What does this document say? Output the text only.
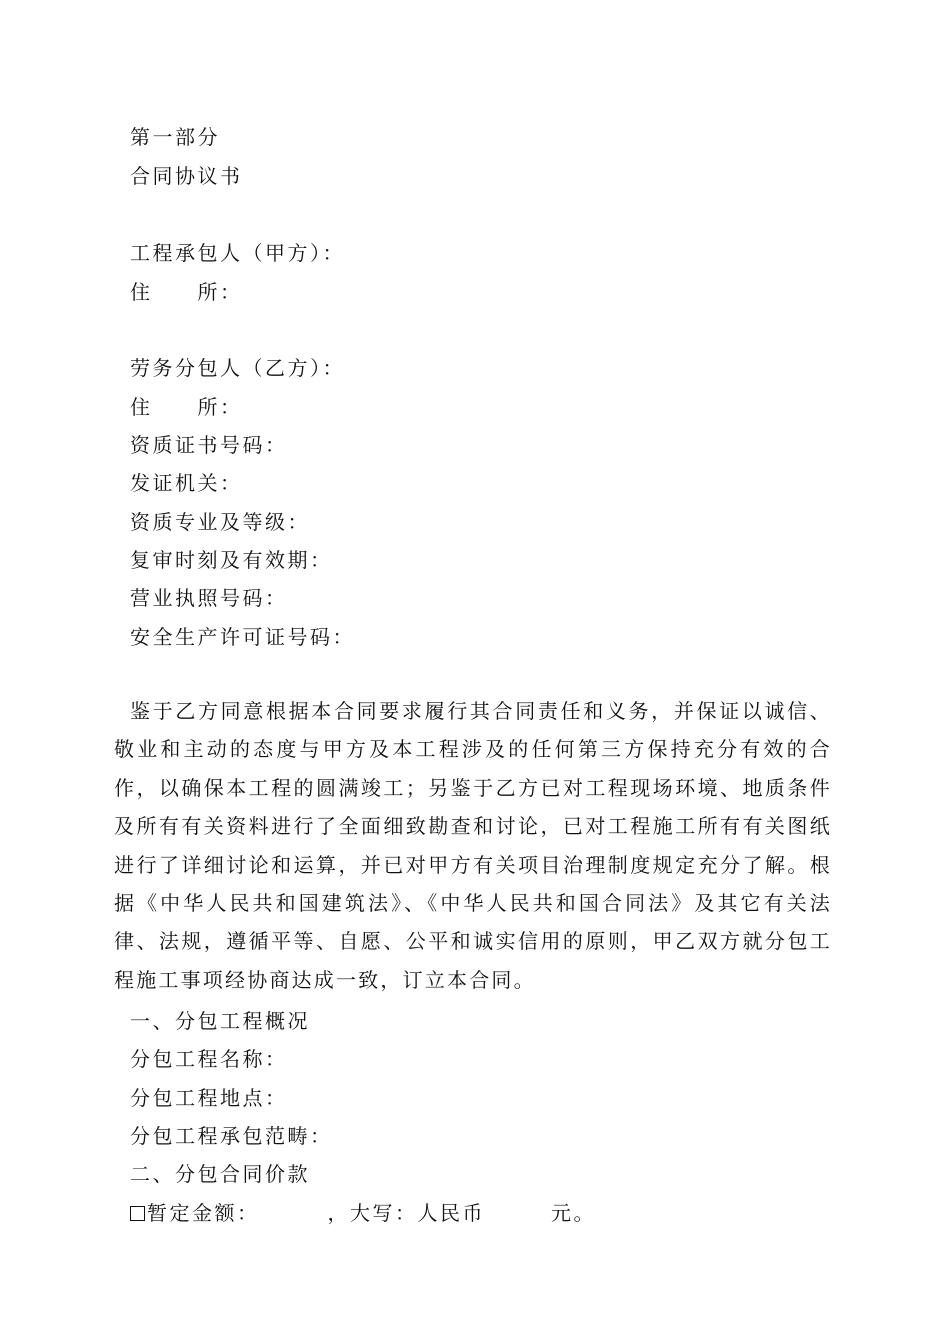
第一部分
合同协议书
工程承包人（甲方）：
住　　所：
劳务分包人（乙方）：
住　　所：
资质证书号码：
发证机关：
资质专业及等级：
复审时刻及有效期：
营业执照号码：
安全生产许可证号码：
鉴于乙方同意根据本合同要求履行其合同责任和义务，并保证以诚信、敬业和主动的态度与甲方及本工程涉及的任何第三方保持充分有效的合作，以确保本工程的圆满竣工；另鉴于乙方已对工程现场环境、地质条件及所有有关资料进行了全面细致勘查和讨论，已对工程施工所有有关图纸进行了详细讨论和运算，并已对甲方有关项目治理制度规定充分了解。根据《中华人民共和国建筑法》、《中华人民共和国合同法》及其它有关法律、法规，遵循平等、自愿、公平和诚实信用的原则，甲乙双方就分包工程施工事项经协商达成一致，订立本合同。
一、分包工程概况
分包工程名称：
分包工程地点：
分包工程承包范畴：
二、分包合同价款
暂定金额：	，大写：人民币	元。
